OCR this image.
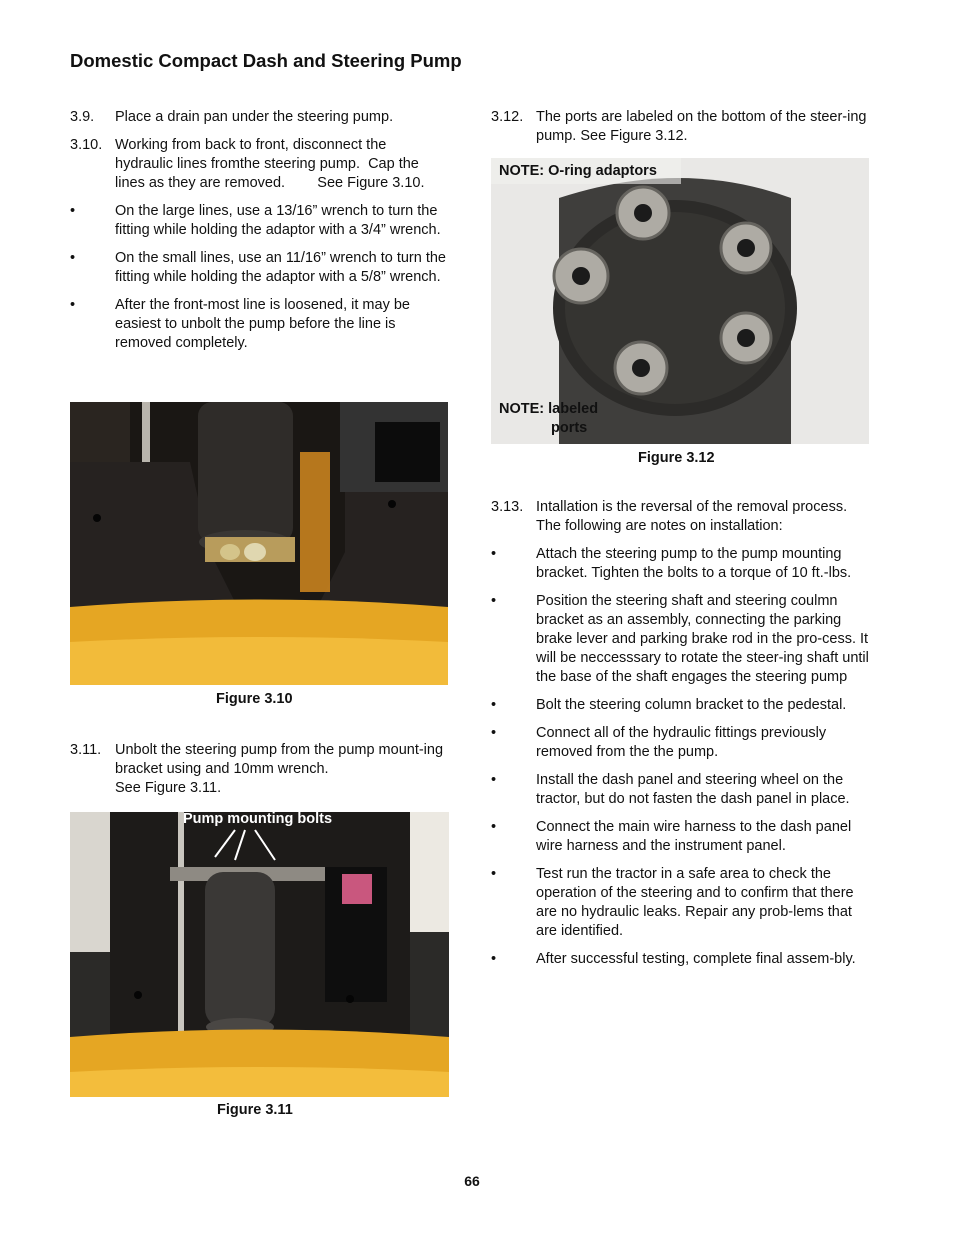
Domestic Compact Dash and Steering Pump
3.9. Place a drain pan under the steering pump.
3.10. Working from back to front, disconnect the hydraulic lines fromthe steering pump.  Cap the lines as they are removed.        See Figure 3.10.
•	On the large lines, use a 13/16” wrench to turn the fitting while holding the adaptor with a 3/4” wrench.
•	On the small lines, use an 11/16” wrench to turn the fitting while holding the adaptor with a 5/8” wrench.
•	After the front-most line is loosened, it may be easiest to unbolt the pump before the line is removed completely.
Figure 3.10
3.11. Unbolt the steering pump from the pump mount-ing bracket using and 10mm wrench.
See Figure 3.11.
Pump mounting bolts
Figure 3.11
3.12. The ports are labeled on the bottom of the steer-ing pump. See Figure 3.12.
NOTE: O-ring adaptors
NOTE: labeled
ports
Figure 3.12
3.13. Intallation is the reversal of the removal process. The following are notes on installation:
•	Attach the steering pump to the pump mounting bracket. Tighten the bolts to a torque of 10 ft.-lbs.
•	Position the steering shaft and steering coulmn bracket as an assembly, connecting the parking brake lever and parking brake rod in the pro-cess. It will be neccesssary to rotate the steer-ing shaft until the base of the shaft engages the steering pump
•	Bolt the steering column bracket to the pedestal.
•	Connect all of the hydraulic fittings previously removed from the the pump.
•	Install the dash panel and steering wheel on the tractor, but do not fasten the dash panel in place.
•	Connect the main wire harness to the dash panel wire harness and the instrument panel.
•	Test run the tractor in a safe area to check the operation of the steering and to confirm that there are no hydraulic leaks. Repair any prob-lems that are identified.
•	After successful testing, complete final assem-bly.
66
